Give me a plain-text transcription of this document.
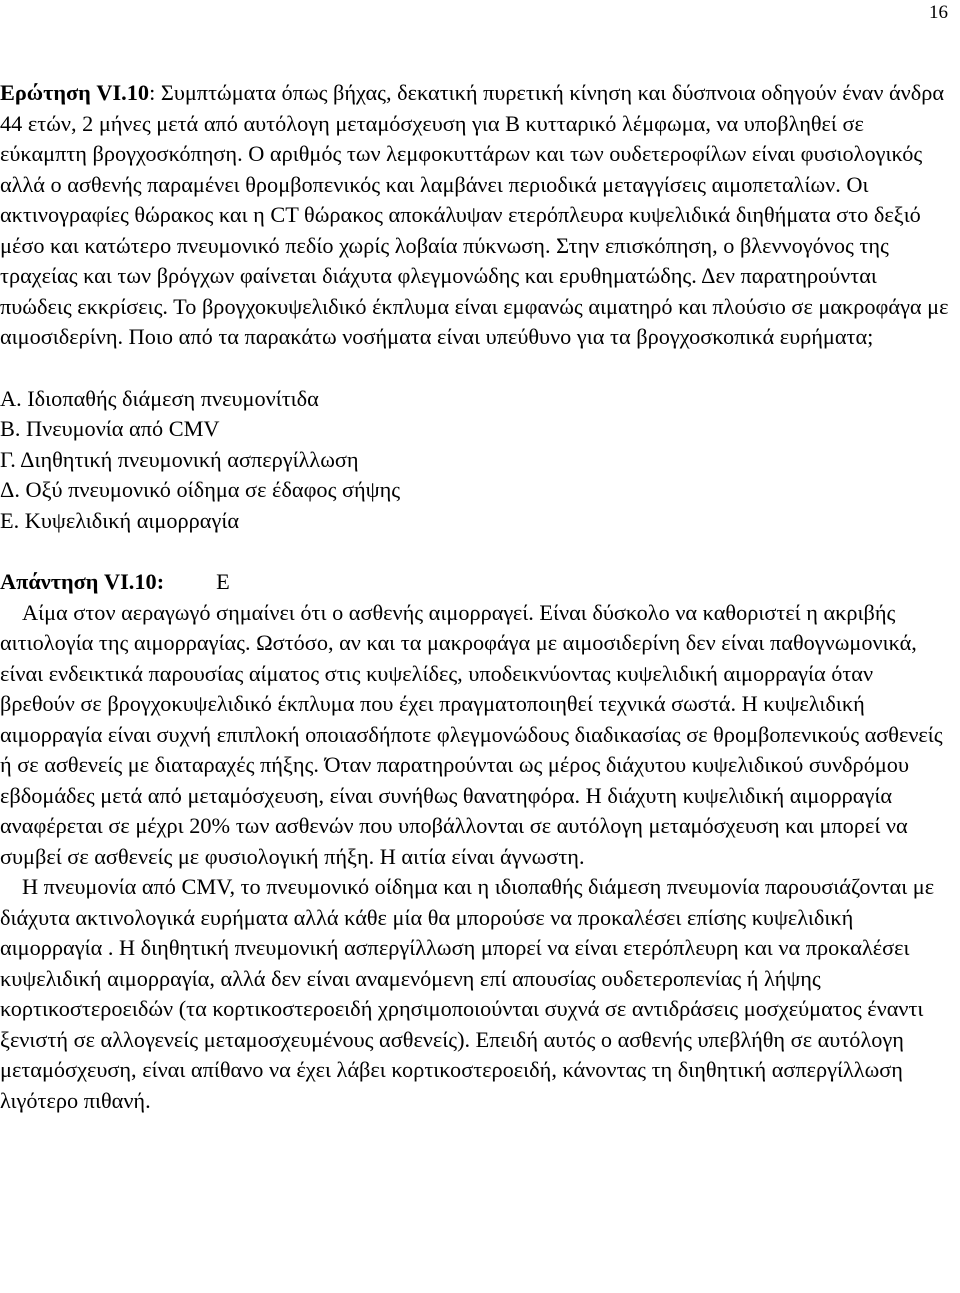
16

Ερώτηση VI.10: Συμπτώματα όπως βήχας, δεκατική πυρετική κίνηση και δύσπνοια οδηγούν έναν άνδρα 44 ετών, 2 μήνες μετά από αυτόλογη μεταμόσχευση για Β κυτταρικό λέμφωμα, να υποβληθεί σε εύκαμπτη βρογχοσκόπηση. Ο αριθμός των λεμφοκυττάρων και των ουδετεροφίλων είναι φυσιολογικός αλλά ο ασθενής παραμένει θρομβοπενικός και λαμβάνει περιοδικά μεταγγίσεις αιμοπεταλίων. Οι ακτινογραφίες θώρακος και η CT θώρακος αποκάλυψαν ετερόπλευρα κυψελιδικά διηθήματα στο δεξιό μέσο και κατώτερο πνευμονικό πεδίο χωρίς λοβαία πύκνωση. Στην επισκόπηση, ο βλεννογόνος της τραχείας και των βρόγχων φαίνεται διάχυτα φλεγμονώδης και ερυθηματώδης. Δεν παρατηρούνται πυώδεις εκκρίσεις. Το βρογχοκυψελιδικό έκπλυμα είναι εμφανώς αιματηρό και πλούσιο σε μακροφάγα με αιμοσιδερίνη. Ποιο από τα παρακάτω νοσήματα είναι υπεύθυνο για τα βρογχοσκοπικά ευρήματα;

Α. Ιδιοπαθής διάμεση πνευμονίτιδα

Β. Πνευμονία από CMV

Γ. Διηθητική πνευμονική ασπεργίλλωση

Δ. Οξύ πνευμονικό οίδημα σε έδαφος σήψης

Ε. Κυψελιδική αιμορραγία

Απάντηση VI.10: Ε

Αίμα στον αεραγωγό σημαίνει ότι ο ασθενής αιμορραγεί. Είναι δύσκολο να καθοριστεί η ακριβής αιτιολογία της αιμορραγίας. Ωστόσο, αν και τα μακροφάγα με αιμοσιδερίνη δεν είναι παθογνωμονικά, είναι ενδεικτικά παρουσίας αίματος στις κυψελίδες, υποδεικνύοντας κυψελιδική αιμορραγία όταν βρεθούν σε βρογχοκυψελιδικό έκπλυμα που έχει πραγματοποιηθεί τεχνικά σωστά. Η κυψελιδική αιμορραγία είναι συχνή επιπλοκή οποιασδήποτε φλεγμονώδους διαδικασίας σε θρομβοπενικούς ασθενείς ή σε ασθενείς με διαταραχές πήξης. Όταν παρατηρούνται ως μέρος διάχυτου κυψελιδικού συνδρόμου εβδομάδες μετά από μεταμόσχευση, είναι συνήθως θανατηφόρα. Η διάχυτη κυψελιδική αιμορραγία αναφέρεται σε μέχρι 20% των ασθενών που υποβάλλονται σε αυτόλογη μεταμόσχευση και μπορεί να συμβεί σε ασθενείς με φυσιολογική πήξη. Η αιτία είναι άγνωστη.

Η πνευμονία από CMV, το πνευμονικό οίδημα και η ιδιοπαθής διάμεση πνευμονία παρουσιάζονται με διάχυτα ακτινολογικά ευρήματα αλλά κάθε μία θα μπορούσε να προκαλέσει επίσης κυψελιδική αιμορραγία . Η διηθητική πνευμονική ασπεργίλλωση μπορεί να είναι ετερόπλευρη και να προκαλέσει κυψελιδική αιμορραγία, αλλά δεν είναι αναμενόμενη επί απουσίας ουδετεροπενίας ή λήψης κορτικοστεροειδών (τα κορτικοστεροειδή χρησιμοποιούνται συχνά σε αντιδράσεις μοσχεύματος έναντι ξενιστή σε αλλογενείς μεταμοσχευμένους ασθενείς). Επειδή αυτός ο ασθενής υπεβλήθη σε αυτόλογη μεταμόσχευση, είναι απίθανο να έχει λάβει κορτικοστεροειδή, κάνοντας τη διηθητική ασπεργίλλωση λιγότερο πιθανή.
